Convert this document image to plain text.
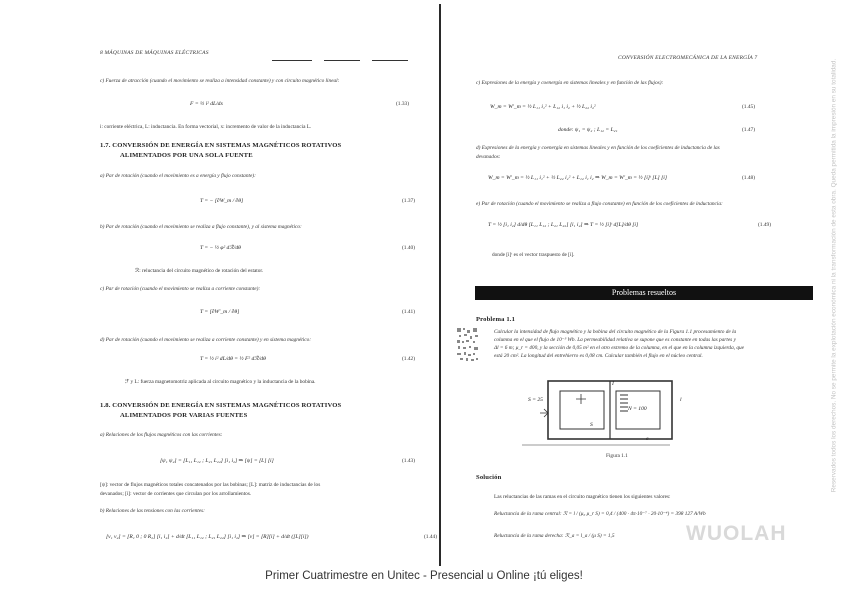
8 MÁQUINAS DE MÁQUINAS ELÉCTRICAS
c) Fuerza de atracción (cuando el movimiento se realiza a intensidad constante) y con circuito magnético lineal:
F = ½ i² dL/dx	(1.33)
i: corriente eléctrica, L: inductancia. En forma vectorial, x: incremento de valor de la inductancia L.
1.7. CONVERSIÓN DE ENERGÍA EN SISTEMAS MAGNÉTICOS ROTATIVOS
ALIMENTADOS POR UNA SOLA FUENTE
a) Par de rotación (cuando el movimiento es a energía y flujo constante):
T = − [∂W_m / ∂θ]	(1.37)
b) Par de rotación (cuando el movimiento se realiza a flujo constante), y al sistema magnético:
T = − ½ φ² dℛ/dθ	(1.40)
ℛ: reluctancia del circuito magnético de rotación del estator.
c) Par de rotación (cuando el movimiento se realiza a corriente constante):
T = [∂W'_m / ∂θ]	(1.41)
d) Par de rotación (cuando el movimiento se realiza a corriente constante) y en sistema magnético:
T = ½ i² dL/dθ = ½ F² dℛ/dθ	(1.42)
ℱ y L: fuerza magnetomotriz aplicada al circuito magnético y la inductancia de la bobina.
1.8. CONVERSIÓN DE ENERGÍA EN SISTEMAS MAGNÉTICOS ROTATIVOS
ALIMENTADOS POR VARIAS FUENTES
a) Relaciones de los flujos magnéticos con las corrientes:
[ψ₁ ψ₂] = [L₁₁ L₁₂ ; L₂₁ L₂₂] [i₁ i₂] ⇒ [ψ] = [L] [i]	(1.43)
[ψ]: vector de flujos magnéticos totales concatenados por las bobinas; [L]: matriz de inductancias de los
devanados; [i]: vector de corrientes que circulan por los arrollamientos.
b) Relaciones de las tensiones con las corrientes:
[v₁ v₂] = [R₁ 0 ; 0 R₂] [i₁ i₂] + d/dt [L₁₁ L₁₂ ; L₂₁ L₂₂] [i₁ i₂] ⇒ [v] = [R][i] + d/dt ([L][i])	(1.44)
CONVERSIÓN ELECTROMECÁNICA DE LA ENERGÍA 7
c) Expresiones de la energía y coenergía en sistemas lineales y en función de las flujos):
W_m = W'_m = ½ L₁₁ i₁² + L₁₂ i₁ i₂ + ½ L₂₂ i₂²	(1.45)
donde: ψ₁ = ψ₂ ; L₁₂ = L₂₁	(1.47)
d) Expresiones de la energía y coenergía en sistemas lineales y en función de los coeficientes de inductancia de las
devanados:
W_m = W'_m = ½ L₁₁ i₁² + ½ L₂₂ i₂² + L₁₂ i₁ i₂ ⇒ W_m = W'_m = ½ [i]ᵗ [L] [i]	(1.48)
e) Par de rotación (cuando el movimiento se realiza a flujo constante) en función de los coeficientes de inductancia:
T = ½ [i₁ i₂] d/dθ [L₁₁ L₁₂ ; L₂₁ L₂₂] [i₁ i₂] ⇒ T = ½ [i]ᵗ d[L]/dθ [i]	(1.49)
donde [i]ᵗ es el vector traspuesto de [i].
Problema 1.1
Calcular la intensidad de flujo magnético y la bobina del circuito magnético de la Figura 1.1 procesamiento de la
columna en el que el flujo de 10⁻³ Wb. La permeabilidad relativa se supone que es constante en todas las partes y
Δl = 6 m; μ_r = 400, y la sección de 0,05 m² en el otro extremo de la columna, en el que en la columna izquierda, que
está 20 cm². La longitud del entrehierro es 0,08 cm. Calcular también el flujo en el núcleo central.
Figura 1.1
Solución
Las reluctancias de las ramas en el circuito magnético tienen los siguientes valores:
Reluctancia de la rama central: ℛ = l / (μ₀ μ_r S) = 0,4 / (400 · 4π·10⁻⁷ · 20·10⁻⁴) = 398 127 A/Wb
Reluctancia de la rama derecha: ℛ_a = l_a / (μ S) = 1,5
Problemas resueltos
S = 25
N = 100
I
l
S
e	Reservados todos los derechos. No se permite la explotación económica ni la transformación de esta obra. Queda permitida la impresión en su totalidad.
WUOLAH
Primer Cuatrimestre en Unitec - Presencial u Online ¡tú eliges!
